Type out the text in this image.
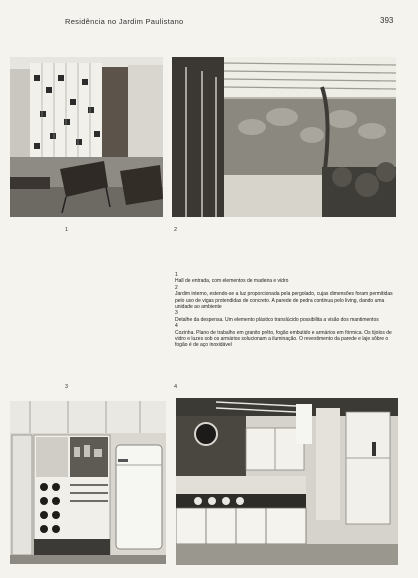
Residência no Jardim Paulistano	393
1	2
1
Hall de entrada, com elementos de madeira e vidro
2
Jardim interno, estendo-se a luz proporcionada pela pergolado, cujas dimensões foram permitidas pelo uso de vigas protendidas de concreto. A parede de pedra continua pelo living, dando uma unidade ao ambiente
3
Detalhe da despensa. Um elemento plástico translúcido possibilita a visão dos mantimentos
4
Cozinha. Plano de trabalho em granito prêto, fogão embutido e armários em fórmica. Os tijolos de vidro e luzes sob os armários solucionam a iluminação. O revestimento da parede e laje sôbre o fogão é de aço inoxidável
3	4
